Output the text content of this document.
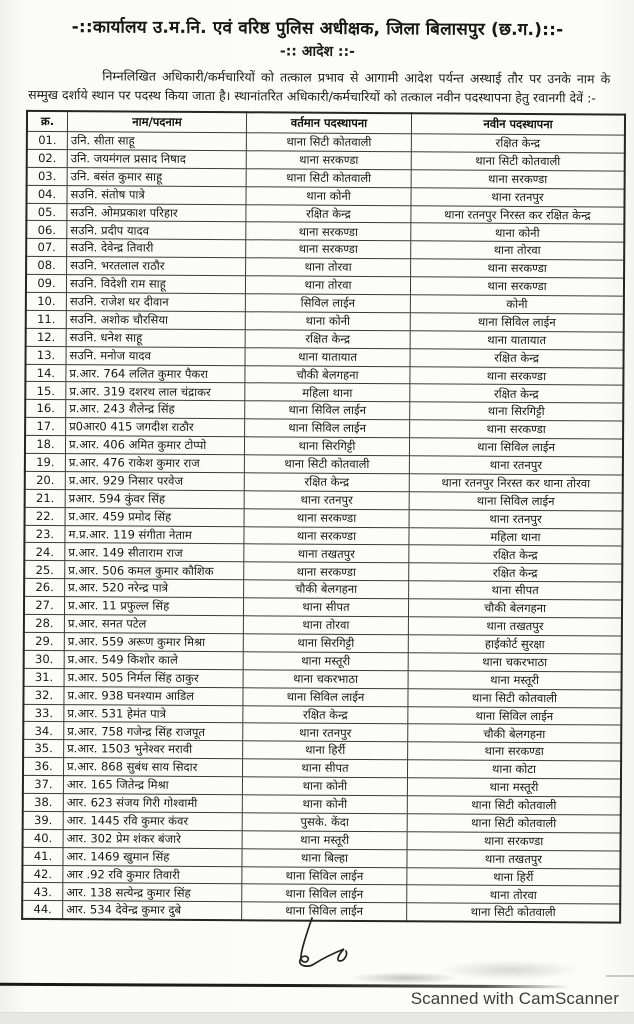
-::कार्यालय उ.म.नि. एवं वरिष्ठ पुलिस अधीक्षक, जिला बिलासपुर (छ.ग.)::-
-:: आदेश ::-

निम्नलिखित अधिकारी/कर्मचारियों को तत्काल प्रभाव से आगामी आदेश पर्यन्त अस्थाई तौर पर उनके नाम के सम्मुख दर्शाये स्थान पर पदस्थ किया जाता है। स्थानांतरित अधिकारी/कर्मचारियों को तत्काल नवीन पदस्थापना हेतु रवानगी देवें :-

क्र.	नाम/पदनाम	वर्तमान पदस्थापना	नवीन पदस्थापना
01.	उनि. सीता साहू	थाना सिटी कोतवाली	रक्षित केन्द्र
02.	उनि. जयमंगल प्रसाद निषाद	थाना सरकण्डा	थाना सिटी कोतवाली
03.	उनि. बसंत कुमार साहू	थाना सिटी कोतवाली	थाना सरकण्डा
04.	सउनि. संतोष पात्रे	थाना कोनी	थाना रतनपुर
05.	सउनि. ओमप्रकाश परिहार	रक्षित केन्द्र	थाना रतनपुर निरस्त कर रक्षित केन्द्र
06.	सउनि. प्रदीप यादव	थाना सरकण्डा	थाना कोनी
07.	सउनि. देवेन्द्र तिवारी	थाना सरकण्डा	थाना तोरवा
08.	सउनि. भरतलाल राठौर	थाना तोरवा	थाना सरकण्डा
09.	सउनि. विदेशी राम साहू	थाना तोरवा	थाना सरकण्डा
10.	सउनि. राजेश धर दीवान	सिविल लाईन	कोनी
11.	सउनि. अशोक चौरसिया	थाना कोनी	थाना सिविल लाईन
12.	सउनि. धनेश साहू	रक्षित केन्द्र	थाना यातायात
13.	सउनि. मनोज यादव	थाना यातायात	रक्षित केन्द्र
14.	प्र.आर. 764 ललित कुमार पैकरा	चौकी बेलगहना	थाना सरकण्डा
15.	प्र.आर. 319 दशरथ लाल चंद्राकर	महिला थाना	रक्षित केन्द्र
16.	प्र.आर. 243 शैलेन्द्र सिंह	थाना सिविल लाईन	थाना सिरगिट्टी
17.	प्र0आर0 415 जगदीश राठौर	थाना सिविल लाईन	थाना सरकण्डा
18.	प्र.आर. 406 अमित कुमार टोप्पो	थाना सिरगिट्टी	थाना सिविल लाईन
19.	प्र.आर. 476 राकेश कुमार राज	थाना सिटी कोतवाली	थाना रतनपुर
20.	प्र.आर. 929 निसार परवेज	रक्षित केन्द्र	थाना रतनपुर निरस्त कर थाना तोरवा
21.	प्रआर. 594 कुंवर सिंह	थाना रतनपुर	थाना सिविल लाईन
22.	प्र.आर. 459 प्रमोद सिंह	थाना सरकण्डा	थाना रतनपुर
23.	म.प्र.आर. 119 संगीता नेताम	थाना सरकण्डा	महिला थाना
24.	प्र.आर. 149 सीताराम राज	थाना तखतपुर	रक्षित केन्द्र
25.	प्र.आर. 506 कमल कुमार कौशिक	थाना सरकण्डा	रक्षित केन्द्र
26.	प्र.आर. 520 नरेन्द्र पात्रे	चौकी बेलगहना	थाना सीपत
27.	प्र.आर. 11 प्रफुल्ल सिंह	थाना सीपत	चौकी बेलगहना
28.	प्र.आर. सनत पटेल	थाना तोरवा	थाना तखतपुर
29.	प्र.आर. 559 अरूण कुमार मिश्रा	थाना सिरगिट्टी	हाईकोर्ट सुरक्षा
30.	प्र.आर. 549 किशोर काले	थाना मस्तूरी	थाना चकरभाठा
31.	प्र.आर. 505 निर्मल सिंह ठाकुर	थाना चकरभाठा	थाना मस्तूरी
32.	प्र.आर. 938 घनश्याम आडिल	थाना सिविल लाईन	थाना सिटी कोतवाली
33.	प्र.आर. 531 हेमंत पात्रे	रक्षित केन्द्र	थाना सिविल लाईन
34.	प्र.आर. 758 गजेन्द्र सिंह राजपूत	थाना रतनपुर	चौकी बेलगहना
35.	प्र.आर. 1503 भुनेश्वर मरावी	थाना हिर्री	थाना सरकण्डा
36.	प्र.आर. 868 सुबंध साय सिदार	थाना सीपत	थाना कोटा
37.	आर. 165 जितेन्द्र मिश्रा	थाना कोनी	थाना मस्तूरी
38.	आर. 623 संजय गिरी गोश्वामी	थाना कोनी	थाना सिटी कोतवाली
39.	आर. 1445 रवि कुमार कंवर	पुसके. केंदा	थाना सिटी कोतवाली
40.	आर. 302 प्रेम शंकर बंजारे	थाना मस्तूरी	थाना सरकण्डा
41.	आर. 1469 खुमान सिंह	थाना बिल्हा	थाना तखतपुर
42.	आर .92 रवि कुमार तिवारी	थाना सिविल लाईन	थाना हिर्री
43.	आर. 138 सत्येन्द्र कुमार सिंह	थाना सिविल लाईन	थाना तोरवा
44.	आर. 534 देवेन्द्र कुमार दुबे	थाना सिविल लाईन	थाना सिटी कोतवाली
Scanned with CamScanner
